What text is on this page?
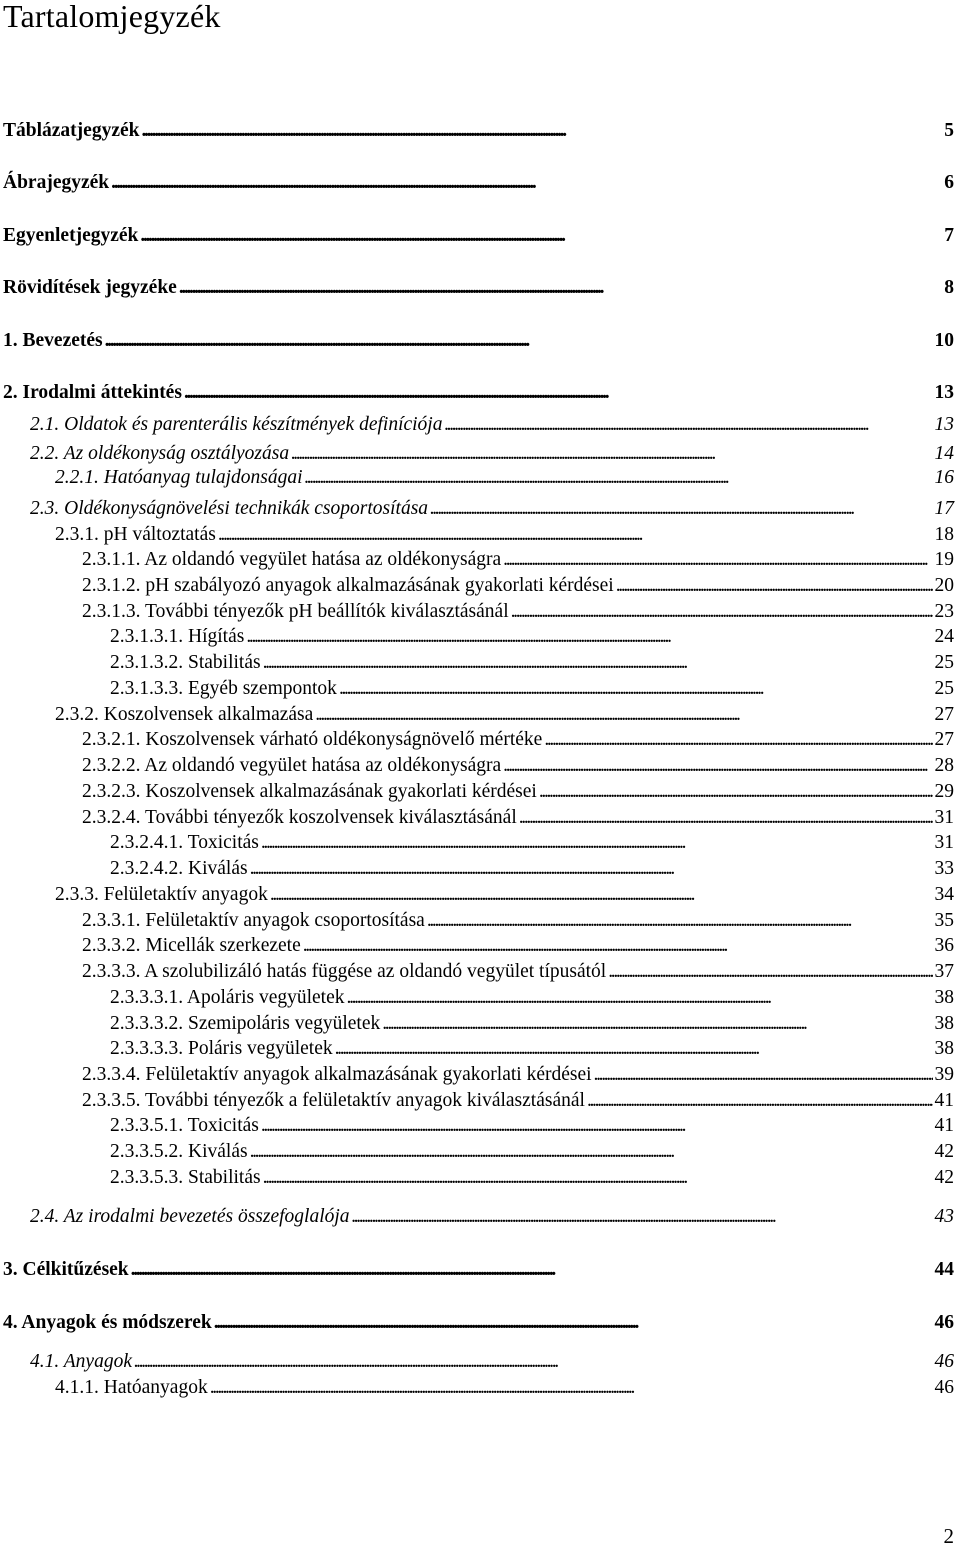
Tartalomjegyzék
Táblázatjegyzék . . .	5
Ábrajegyzék . . .	6
Egyenletjegyzék . . .	7
Rövidítések jegyzéke . . .	8
1. Bevezetés . . .	10
2. Irodalmi áttekintés . . .	13
2.1. Oldatok és parenterális készítmények definíciója . . .	13
2.2. Az oldékonyság osztályozása . . .	14
2.2.1. Hatóanyag tulajdonságai . . .	16
2.3. Oldékonyságnövelési technikák csoportosítása . . .	17
2.3.1. pH változtatás . . .	18
2.3.1.1. Az oldandó vegyület hatása az oldékonyságra . . .	19
2.3.1.2. pH szabályozó anyagok alkalmazásának gyakorlati kérdései . . .	20
2.3.1.3. További tényezők pH beállítók kiválasztásánál . . .	23
2.3.1.3.1. Hígítás . . .	24
2.3.1.3.2. Stabilitás . . .	25
2.3.1.3.3. Egyéb szempontok . . .	25
2.3.2. Koszolvensek alkalmazása . . .	27
2.3.2.1. Koszolvensek várható oldékonyságnövelő mértéke . . .	27
2.3.2.2. Az oldandó vegyület hatása az oldékonyságra . . .	28
2.3.2.3. Koszolvensek alkalmazásának gyakorlati kérdései . . .	29
2.3.2.4. További tényezők koszolvensek kiválasztásánál . . .	31
2.3.2.4.1. Toxicitás . . .	31
2.3.2.4.2. Kiválás . . .	33
2.3.3. Felületaktív anyagok . . .	34
2.3.3.1. Felületaktív anyagok csoportosítása . . .	35
2.3.3.2. Micellák szerkezete . . .	36
2.3.3.3. A szolubilizáló hatás függése az oldandó vegyület típusától . . .	37
2.3.3.3.1. Apoláris vegyületek . . .	38
2.3.3.3.2. Szemipoláris vegyületek . . .	38
2.3.3.3.3. Poláris vegyületek . . .	38
2.3.3.4. Felületaktív anyagok alkalmazásának gyakorlati kérdései . . .	39
2.3.3.5. További tényezők a felületaktív anyagok kiválasztásánál . . .	41
2.3.3.5.1. Toxicitás . . .	41
2.3.3.5.2. Kiválás . . .	42
2.3.3.5.3. Stabilitás . . .	42
2.4. Az irodalmi bevezetés összefoglalója . . .	43
3. Célkitűzések . . .	44
4. Anyagok és módszerek . . .	46
4.1. Anyagok . . .	46
4.1.1. Hatóanyagok . . .	46
2
